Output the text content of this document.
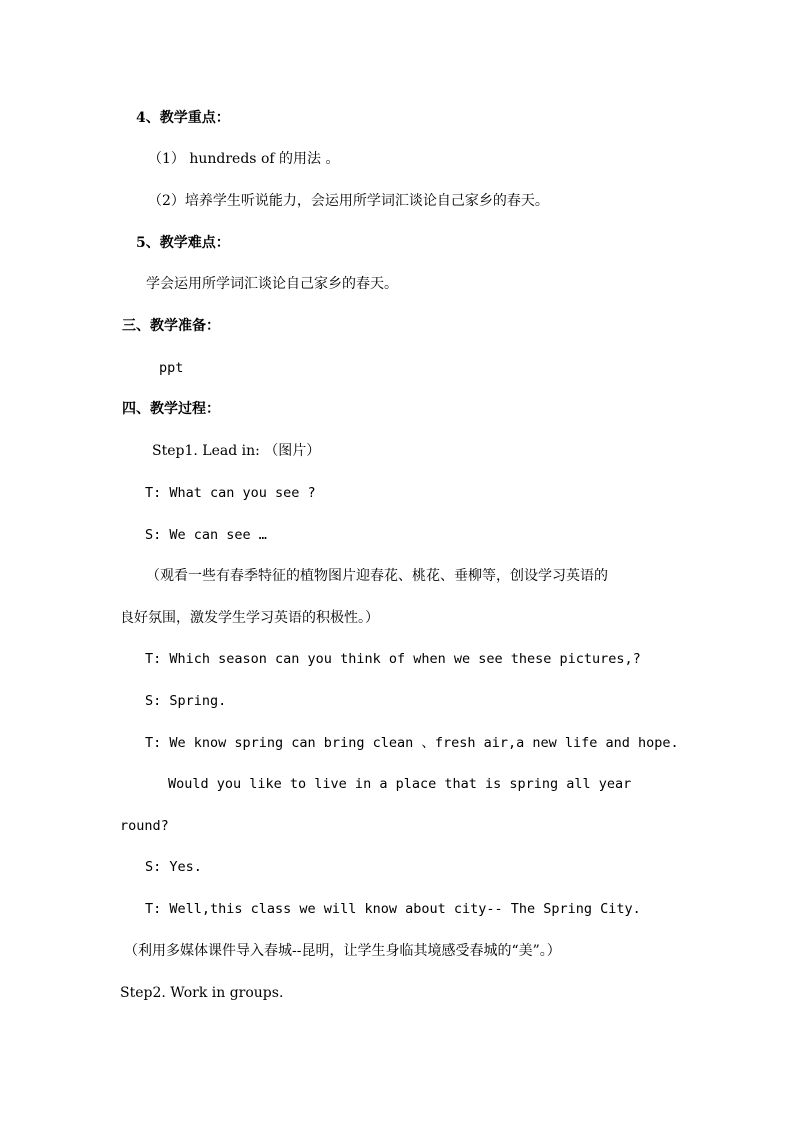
4、教学重点：
（1） hundreds of 的用法 。
（2）培养学生听说能力，会运用所学词汇谈论自己家乡的春天。
5、教学难点：
学会运用所学词汇谈论自己家乡的春天。
三、教学准备：
ppt
四、教学过程：
Step1. Lead in: （图片）
T: What can you see ?
S: We can see …
（观看一些有春季特征的植物图片迎春花、桃花、垂柳等，创设学习英语的
良好氛围，激发学生学习英语的积极性。）
T: Which season can you think of when we see these pictures,?
S: Spring.
T: We know spring can bring clean 、fresh air,a new life and hope.
Would you like to live in a place that is spring all year
round?
S: Yes.
T: Well,this class we will know about city-- The Spring City.
（利用多媒体课件导入春城--昆明，让学生身临其境感受春城的“美”。）
Step2. Work in groups.
